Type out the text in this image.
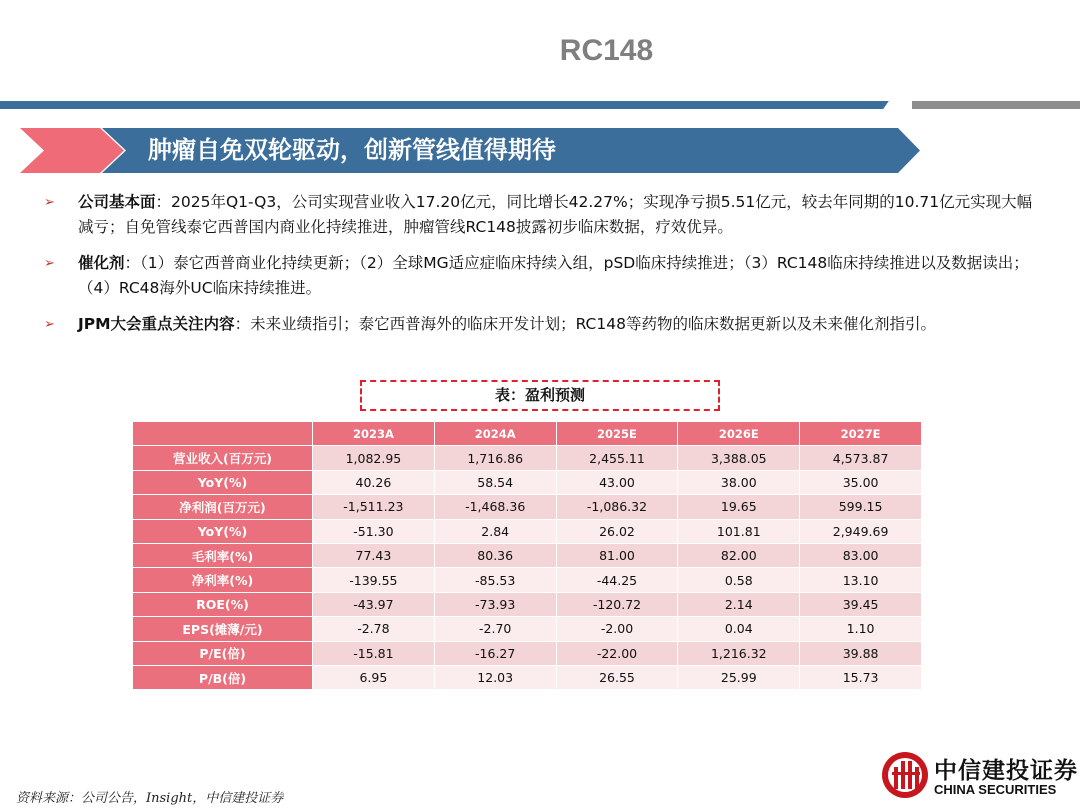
RC148
肿瘤自免双轮驱动，创新管线值得期待
➢ 公司基本面：2025年Q1-Q3，公司实现营业收入17.20亿元，同比增长42.27%；实现净亏损5.51亿元，较去年同期的10.71亿元实现大幅减亏；自免管线泰它西普国内商业化持续推进，肿瘤管线RC148披露初步临床数据，疗效优异。
➢ 催化剂：（1）泰它西普商业化持续更新；（2）全球MG适应症临床持续入组，pSD临床持续推进；（3）RC148临床持续推进以及数据读出；（4）RC48海外UC临床持续推进。
➢ JPM大会重点关注内容：未来业绩指引；泰它西普海外的临床开发计划；RC148等药物的临床数据更新以及未来催化剂指引。
表：盈利预测
	2023A	2024A	2025E	2026E	2027E
营业收入(百万元)	1,082.95	1,716.86	2,455.11	3,388.05	4,573.87
YoY(%)	40.26	58.54	43.00	38.00	35.00
净利润(百万元)	-1,511.23	-1,468.36	-1,086.32	19.65	599.15
YoY(%)	-51.30	2.84	26.02	101.81	2,949.69
毛利率(%)	77.43	80.36	81.00	82.00	83.00
净利率(%)	-139.55	-85.53	-44.25	0.58	13.10
ROE(%)	-43.97	-73.93	-120.72	2.14	39.45
EPS(摊薄/元)	-2.78	-2.70	-2.00	0.04	1.10
P/E(倍)	-15.81	-16.27	-22.00	1,216.32	39.88
P/B(倍)	6.95	12.03	26.55	25.99	15.73
资料来源：公司公告，Insight，中信建投证券
中信建投证券
CHINA SECURITIES
